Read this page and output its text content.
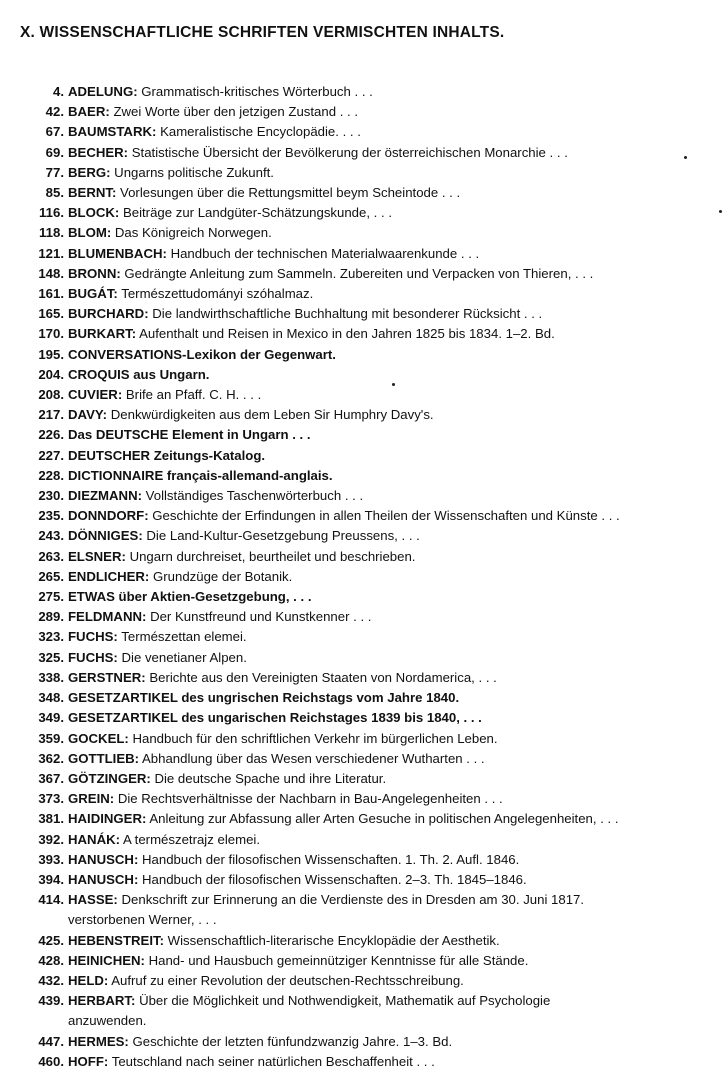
X. WISSENSCHAFTLICHE SCHRIFTEN VERMISCHTEN INHALTS.
4. ADELUNG: Grammatisch-kritisches Wörterbuch . . .
42. BAER: Zwei Worte über den jetzigen Zustand . . .
67. BAUMSTARK: Kameralistische Encyclopädie. . . .
69. BECHER: Statistische Übersicht der Bevölkerung der österreichischen Monarchie . . .
77. BERG: Ungarns politische Zukunft.
85. BERNT: Vorlesungen über die Rettungsmittel beym Scheintode . . .
116. BLOCK: Beiträge zur Landgüter-Schätzungskunde, . . .
118. BLOM: Das Königreich Norwegen.
121. BLUMENBACH: Handbuch der technischen Materialwaarenkunde . . .
148. BRONN: Gedrängte Anleitung zum Sammeln. Zubereiten und Verpacken von Thieren, . . .
161. BUGÁT: Természettudományi szóhalmaz.
165. BURCHARD: Die landwirthschaftliche Buchhaltung mit besonderer Rücksicht . . .
170. BURKART: Aufenthalt und Reisen in Mexico in den Jahren 1825 bis 1834. 1–2. Bd.
195. CONVERSATIONS-Lexikon der Gegenwart.
204. CROQUIS aus Ungarn.
208. CUVIER: Brife an Pfaff. C. H. . . .
217. DAVY: Denkwürdigkeiten aus dem Leben Sir Humphry Davy's.
226. Das DEUTSCHE Element in Ungarn . . .
227. DEUTSCHER Zeitungs-Katalog.
228. DICTIONNAIRE français-allemand-anglais.
230. DIEZMANN: Vollständiges Taschenwörterbuch . . .
235. DONNDORF: Geschichte der Erfindungen in allen Theilen der Wissenschaften und Künste . . .
243. DÖNNIGES: Die Land-Kultur-Gesetzgebung Preussens, . . .
263. ELSNER: Ungarn durchreiset, beurtheilet und beschrieben.
265. ENDLICHER: Grundzüge der Botanik.
275. ETWAS über Aktien-Gesetzgebung, . . .
289. FELDMANN: Der Kunstfreund und Kunstkenner . . .
323. FUCHS: Természettan elemei.
325. FUCHS: Die venetianer Alpen.
338. GERSTNER: Berichte aus den Vereinigten Staaten von Nordamerica, . . .
348. GESETZARTIKEL des ungrischen Reichstags vom Jahre 1840.
349. GESETZARTIKEL des ungarischen Reichstages 1839 bis 1840, . . .
359. GOCKEL: Handbuch für den schriftlichen Verkehr im bürgerlichen Leben.
362. GOTTLIEB: Abhandlung über das Wesen verschiedener Wutharten . . .
367. GÖTZINGER: Die deutsche Spache und ihre Literatur.
373. GREIN: Die Rechtsverhältnisse der Nachbarn in Bau-Angelegenheiten . . .
381. HAIDINGER: Anleitung zur Abfassung aller Arten Gesuche in politischen Angelegenheiten, . . .
392. HANÁK: A természetrajz elemei.
393. HANUSCH: Handbuch der filosofischen Wissenschaften. 1. Th. 2. Aufl. 1846.
394. HANUSCH: Handbuch der filosofischen Wissenschaften. 2–3. Th. 1845–1846.
414. HASSE: Denkschrift zur Erinnerung an die Verdienste des in Dresden am 30. Juni 1817.
verstorbenen Werner, . . .
425. HEBENSTREIT: Wissenschaftlich-literarische Encyklopädie der Aesthetik.
428. HEINICHEN: Hand- und Hausbuch gemeinnütziger Kenntnisse für alle Stände.
432. HELD: Aufruf zu einer Revolution der deutschen-Rechtsschreibung.
439. HERBART: Über die Möglichkeit und Nothwendigkeit, Mathematik auf Psychologie
anzuwenden.
447. HERMES: Geschichte der letzten fünfundzwanzig Jahre. 1–3. Bd.
460. HOFF: Teutschland nach seiner natürlichen Beschaffenheit . . .
